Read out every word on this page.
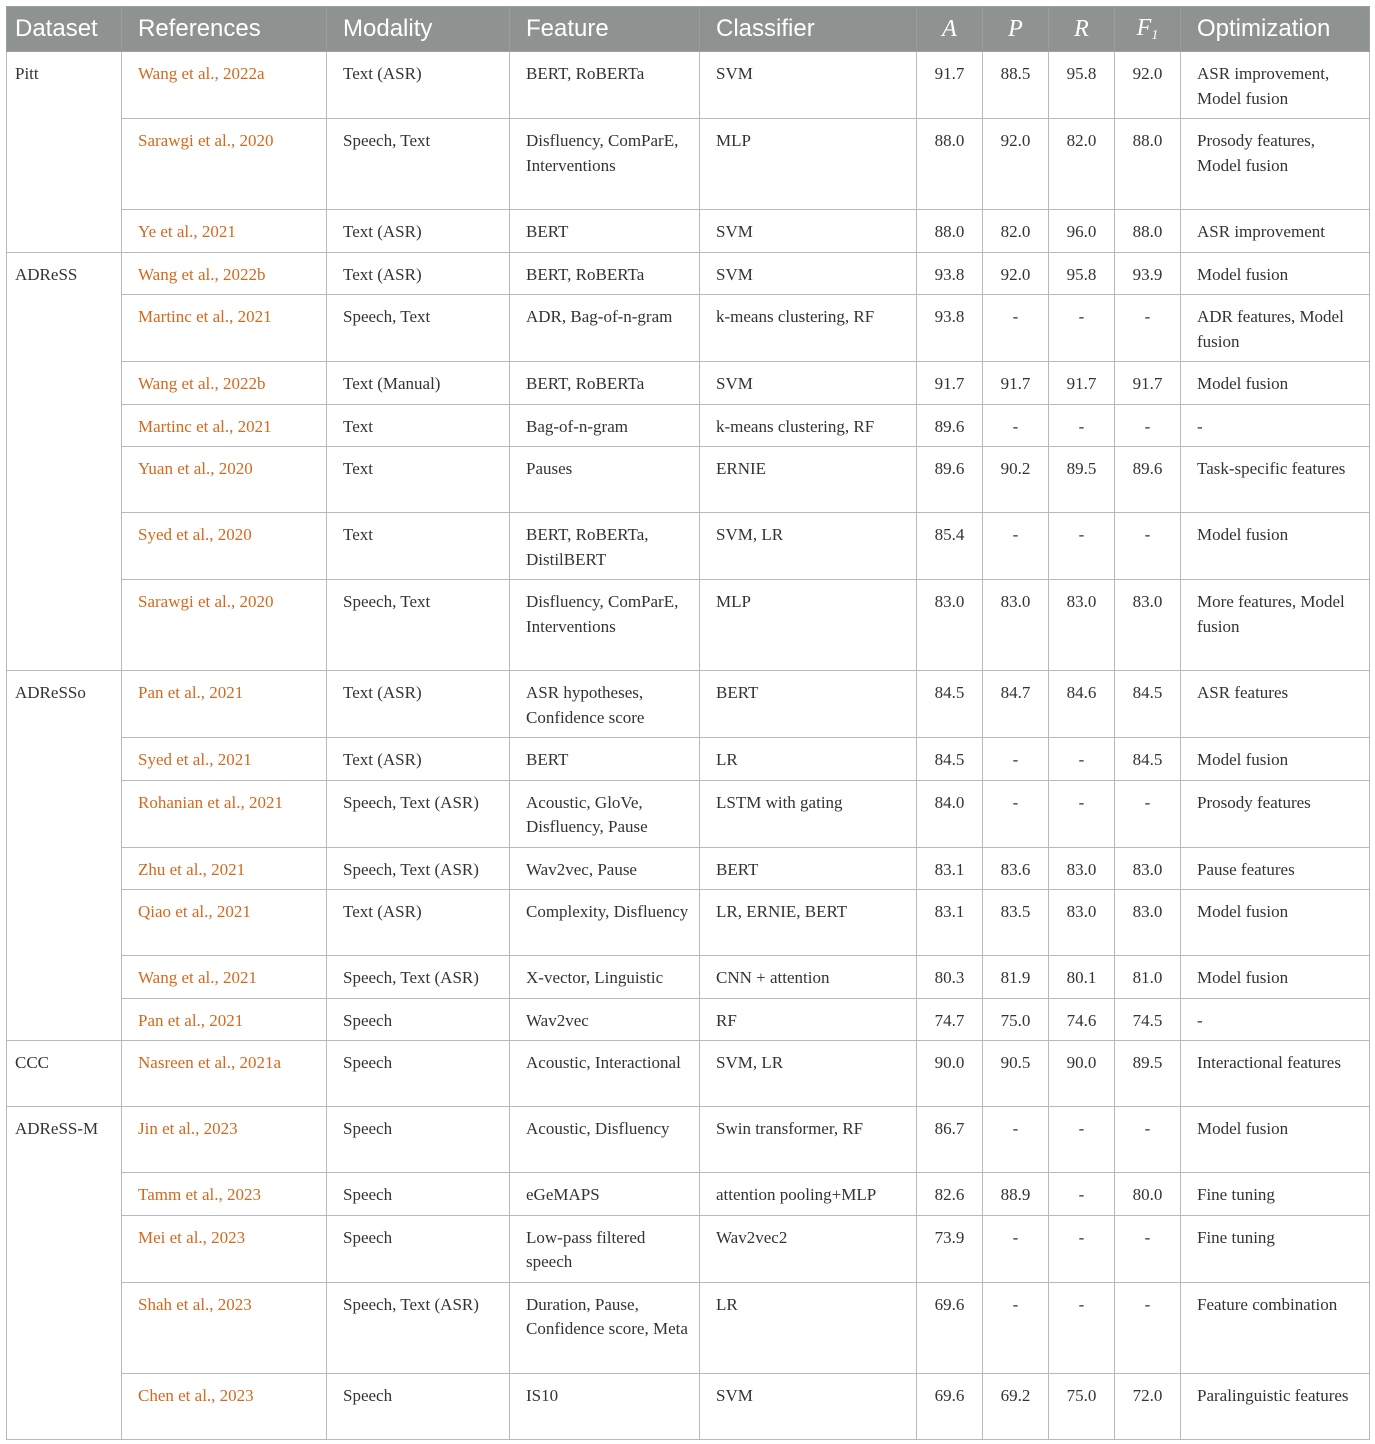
Dataset	References	Modality	Feature	Classifier	A	P	R	$F_1$	Optimization
Pitt	Wang et al., 2022a	Text (ASR)	BERT, RoBERTa	SVM	91.7	88.5	95.8	92.0	ASR improvement, Model fusion
	Sarawgi et al., 2020	Speech, Text	Disfluency, ComParE, Interventions	MLP	88.0	92.0	82.0	88.0	Prosody features, Model fusion
	Ye et al., 2021	Text (ASR)	BERT	SVM	88.0	82.0	96.0	88.0	ASR improvement
ADReSS	Wang et al., 2022b	Text (ASR)	BERT, RoBERTa	SVM	93.8	92.0	95.8	93.9	Model fusion
	Martinc et al., 2021	Speech, Text	ADR, Bag-of-n-gram	k-means clustering, RF	93.8	-	-	-	ADR features, Model fusion
	Wang et al., 2022b	Text (Manual)	BERT, RoBERTa	SVM	91.7	91.7	91.7	91.7	Model fusion
	Martinc et al., 2021	Text	Bag-of-n-gram	k-means clustering, RF	89.6	-	-	-	-
	Yuan et al., 2020	Text	Pauses	ERNIE	89.6	90.2	89.5	89.6	Task-specific features
	Syed et al., 2020	Text	BERT, RoBERTa, DistilBERT	SVM, LR	85.4	-	-	-	Model fusion
	Sarawgi et al., 2020	Speech, Text	Disfluency, ComParE, Interventions	MLP	83.0	83.0	83.0	83.0	More features, Model fusion
ADReSSo	Pan et al., 2021	Text (ASR)	ASR hypotheses, Confidence score	BERT	84.5	84.7	84.6	84.5	ASR features
	Syed et al., 2021	Text (ASR)	BERT	LR	84.5	-	-	84.5	Model fusion
	Rohanian et al., 2021	Speech, Text (ASR)	Acoustic, GloVe, Disfluency, Pause	LSTM with gating	84.0	-	-	-	Prosody features
	Zhu et al., 2021	Speech, Text (ASR)	Wav2vec, Pause	BERT	83.1	83.6	83.0	83.0	Pause features
	Qiao et al., 2021	Text (ASR)	Complexity, Disfluency	LR, ERNIE, BERT	83.1	83.5	83.0	83.0	Model fusion
	Wang et al., 2021	Speech, Text (ASR)	X-vector, Linguistic	CNN + attention	80.3	81.9	80.1	81.0	Model fusion
	Pan et al., 2021	Speech	Wav2vec	RF	74.7	75.0	74.6	74.5	-
CCC	Nasreen et al., 2021a	Speech	Acoustic, Interactional	SVM, LR	90.0	90.5	90.0	89.5	Interactional features
ADReSS-M	Jin et al., 2023	Speech	Acoustic, Disfluency	Swin transformer, RF	86.7	-	-	-	Model fusion
	Tamm et al., 2023	Speech	eGeMAPS	attention pooling+MLP	82.6	88.9	-	80.0	Fine tuning
	Mei et al., 2023	Speech	Low-pass filtered speech	Wav2vec2	73.9	-	-	-	Fine tuning
	Shah et al., 2023	Speech, Text (ASR)	Duration, Pause, Confidence score, Meta	LR	69.6	-	-	-	Feature combination
	Chen et al., 2023	Speech	IS10	SVM	69.6	69.2	75.0	72.0	Paralinguistic features
